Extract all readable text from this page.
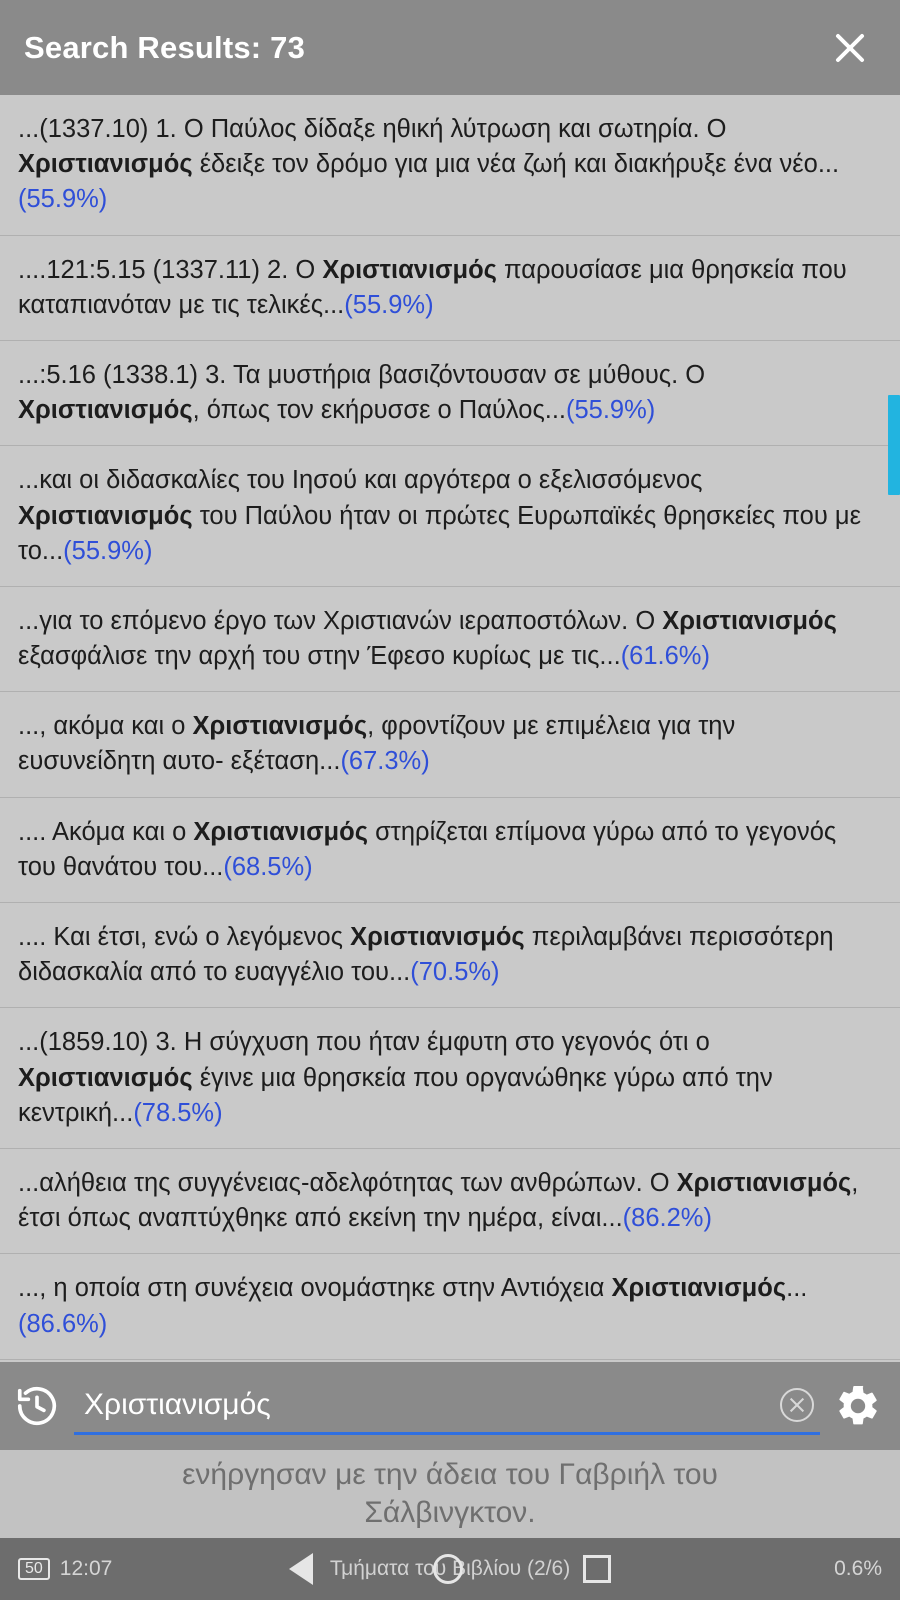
Search Results: 73
...(1337.10) 1. Ο Παύλος δίδαξε ηθική λύτρωση και σωτηρία. Ο Χριστιανισμός έδειξε τον δρόμο για μια νέα ζωή και διακήρυξε ένα νέο...(55.9%)
....121:5.15 (1337.11) 2. Ο Χριστιανισμός παρουσίασε μια θρησκεία που καταπιανόταν με τις τελικές...(55.9%)
...:5.16 (1338.1) 3. Τα μυστήρια βασιζόντουσαν σε μύθους. Ο Χριστιανισμός, όπως τον εκήρυσσε ο Παύλος...(55.9%)
...και οι διδασκαλίες του Ιησού και αργότερα ο εξελισσόμενος Χριστιανισμός του Παύλου ήταν οι πρώτες Ευρωπαϊκές θρησκείες που με το...(55.9%)
...για το επόμενο έργο των Χριστιανών ιεραποστόλων. Ο Χριστιανισμός εξασφάλισε την αρχή του στην Έφεσο κυρίως με τις...(61.6%)
..., ακόμα και ο Χριστιανισμός, φροντίζουν με επιμέλεια για την ευσυνείδητη αυτο- εξέταση...(67.3%)
.... Ακόμα και ο Χριστιανισμός στηρίζεται επίμονα γύρω από το γεγονός του θανάτου του...(68.5%)
.... Και έτσι, ενώ ο λεγόμενος Χριστιανισμός περιλαμβάνει περισσότερη διδασκαλία από το ευαγγέλιο του...(70.5%)
...(1859.10) 3. Η σύγχυση που ήταν έμφυτη στο γεγονός ότι ο Χριστιανισμός έγινε μια θρησκεία που οργανώθηκε γύρω από την κεντρική...(78.5%)
...αλήθεια της συγγένειας-αδελφότητας των ανθρώπων. Ο Χριστιανισμός, έτσι όπως αναπτύχθηκε από εκείνη την ημέρα, είναι...(86.2%)
..., η οποία στη συνέχεια ονομάστηκε στην Αντιόχεια Χριστιανισμός...(86.6%)
Χριστιανισμός
ενήργησαν με την άδεια του Γαβριήλ του
Σάλβινγκτον.
50 12:07	Τμήματα του Βιβλίου (2/6)	0.6%
